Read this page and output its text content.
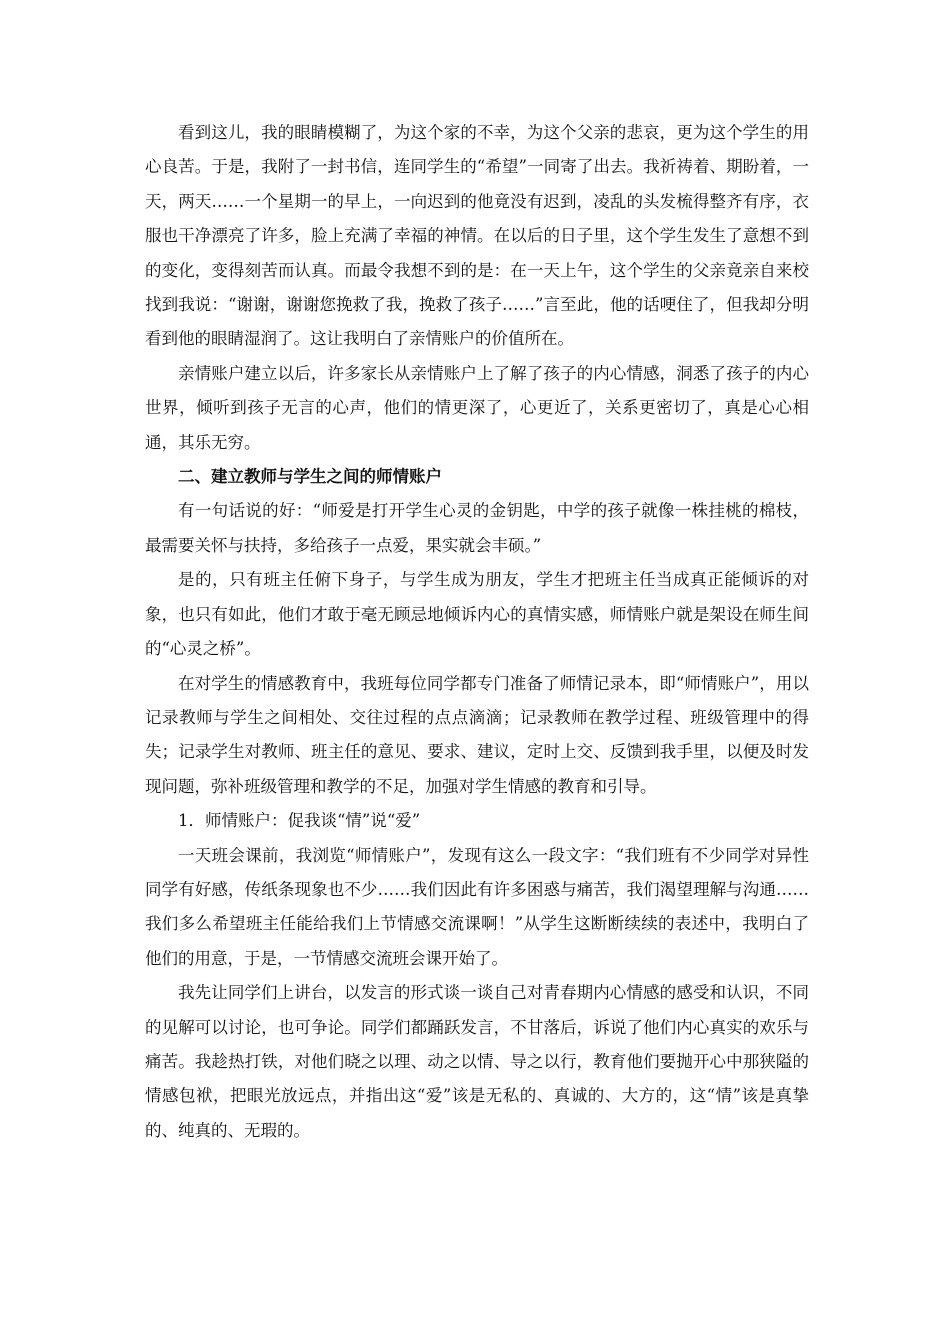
看到这儿，我的眼睛模糊了，为这个家的不幸，为这个父亲的悲哀，更为这个学生的用心良苦。于是，我附了一封书信，连同学生的“希望”一同寄了出去。我祈祷着、期盼着，一天，两天……一个星期一的早上，一向迟到的他竟没有迟到，凌乱的头发梳得整齐有序，衣服也干净漂亮了许多，脸上充满了幸福的神情。在以后的日子里，这个学生发生了意想不到的变化，变得刻苦而认真。而最令我想不到的是：在一天上午，这个学生的父亲竟亲自来校找到我说：“谢谢，谢谢您挽救了我，挽救了孩子……”言至此，他的话哽住了，但我却分明看到他的眼睛湿润了。这让我明白了亲情账户的价值所在。

亲情账户建立以后，许多家长从亲情账户上了解了孩子的内心情感，洞悉了孩子的内心世界，倾听到孩子无言的心声，他们的情更深了，心更近了，关系更密切了，真是心心相通，其乐无穷。

二、建立教师与学生之间的师情账户

有一句话说的好：“师爱是打开学生心灵的金钥匙，中学的孩子就像一株挂桃的棉枝，最需要关怀与扶持，多给孩子一点爱，果实就会丰硕。”

是的，只有班主任俯下身子，与学生成为朋友，学生才把班主任当成真正能倾诉的对象，也只有如此，他们才敢于毫无顾忌地倾诉内心的真情实感，师情账户就是架设在师生间的“心灵之桥”。

在对学生的情感教育中，我班每位同学都专门准备了师情记录本，即“师情账户”，用以记录教师与学生之间相处、交往过程的点点滴滴；记录教师在教学过程、班级管理中的得失；记录学生对教师、班主任的意见、要求、建议，定时上交、反馈到我手里，以便及时发现问题，弥补班级管理和教学的不足，加强对学生情感的教育和引导。

1．师情账户：促我谈“情”说“爱”

一天班会课前，我浏览“师情账户”，发现有这么一段文字：“我们班有不少同学对异性同学有好感，传纸条现象也不少……我们因此有许多困惑与痛苦，我们渴望理解与沟通……我们多么希望班主任能给我们上节情感交流课啊！”从学生这断断续续的表述中，我明白了他们的用意，于是，一节情感交流班会课开始了。

我先让同学们上讲台，以发言的形式谈一谈自己对青春期内心情感的感受和认识，不同的见解可以讨论，也可争论。同学们都踊跃发言，不甘落后，诉说了他们内心真实的欢乐与痛苦。我趁热打铁，对他们晓之以理、动之以情、导之以行，教育他们要抛开心中那狭隘的情感包袱，把眼光放远点，并指出这“爱”该是无私的、真诚的、大方的，这“情”该是真挚的、纯真的、无瑕的。
